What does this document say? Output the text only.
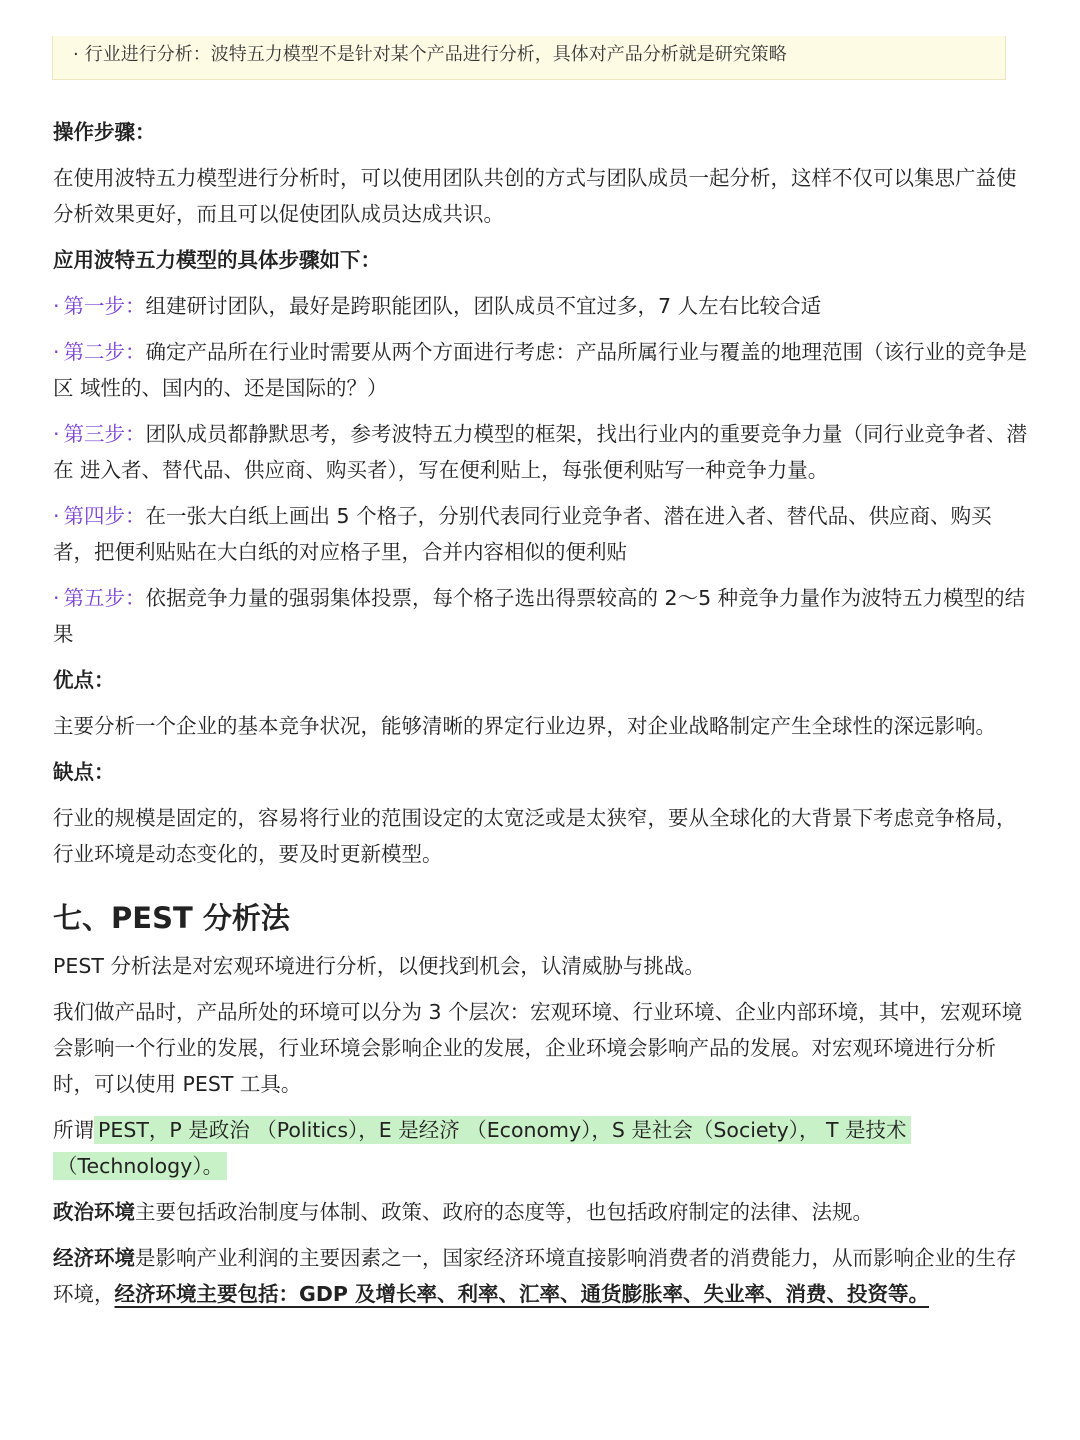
· 行业进行分析：波特五力模型不是针对某个产品进行分析，具体对产品分析就是研究策略

操作步骤：

在使用波特五力模型进行分析时，可以使用团队共创的方式与团队成员一起分析，这样不仅可以集思广益使分析效果更好，而且可以促使团队成员达成共识。

应用波特五力模型的具体步骤如下：

· 第一步：组建研讨团队，最好是跨职能团队，团队成员不宜过多，7 人左右比较合适

· 第二步：确定产品所在行业时需要从两个方面进行考虑：产品所属行业与覆盖的地理范围（该行业的竞争是区 域性的、国内的、还是国际的？）

· 第三步：团队成员都静默思考，参考波特五力模型的框架，找出行业内的重要竞争力量（同行业竞争者、潜在 进入者、替代品、供应商、购买者），写在便利贴上，每张便利贴写一种竞争力量。

· 第四步：在一张大白纸上画出 5 个格子，分别代表同行业竞争者、潜在进入者、替代品、供应商、购买者，把便利贴贴在大白纸的对应格子里，合并内容相似的便利贴

· 第五步：依据竞争力量的强弱集体投票，每个格子选出得票较高的 2～5 种竞争力量作为波特五力模型的结果

优点：

主要分析一个企业的基本竞争状况，能够清晰的界定行业边界，对企业战略制定产生全球性的深远影响。

缺点：

行业的规模是固定的，容易将行业的范围设定的太宽泛或是太狭窄，要从全球化的大背景下考虑竞争格局，行业环境是动态变化的，要及时更新模型。

七、PEST 分析法

PEST 分析法是对宏观环境进行分析，以便找到机会，认清威胁与挑战。

我们做产品时，产品所处的环境可以分为 3 个层次：宏观环境、行业环境、企业内部环境，其中，宏观环境会影响一个行业的发展，行业环境会影响企业的发展，企业环境会影响产品的发展。对宏观环境进行分析时，可以使用 PEST 工具。

所谓 PEST，P 是政治 （Politics），E 是经济 （Economy），S 是社会（Society）， T 是技术（Technology）。

政治环境主要包括政治制度与体制、政策、政府的态度等，也包括政府制定的法律、法规。

经济环境是影响产业利润的主要因素之一，国家经济环境直接影响消费者的消费能力，从而影响企业的生存环境，经济环境主要包括：GDP 及增长率、利率、汇率、通货膨胀率、失业率、消费、投资等。
